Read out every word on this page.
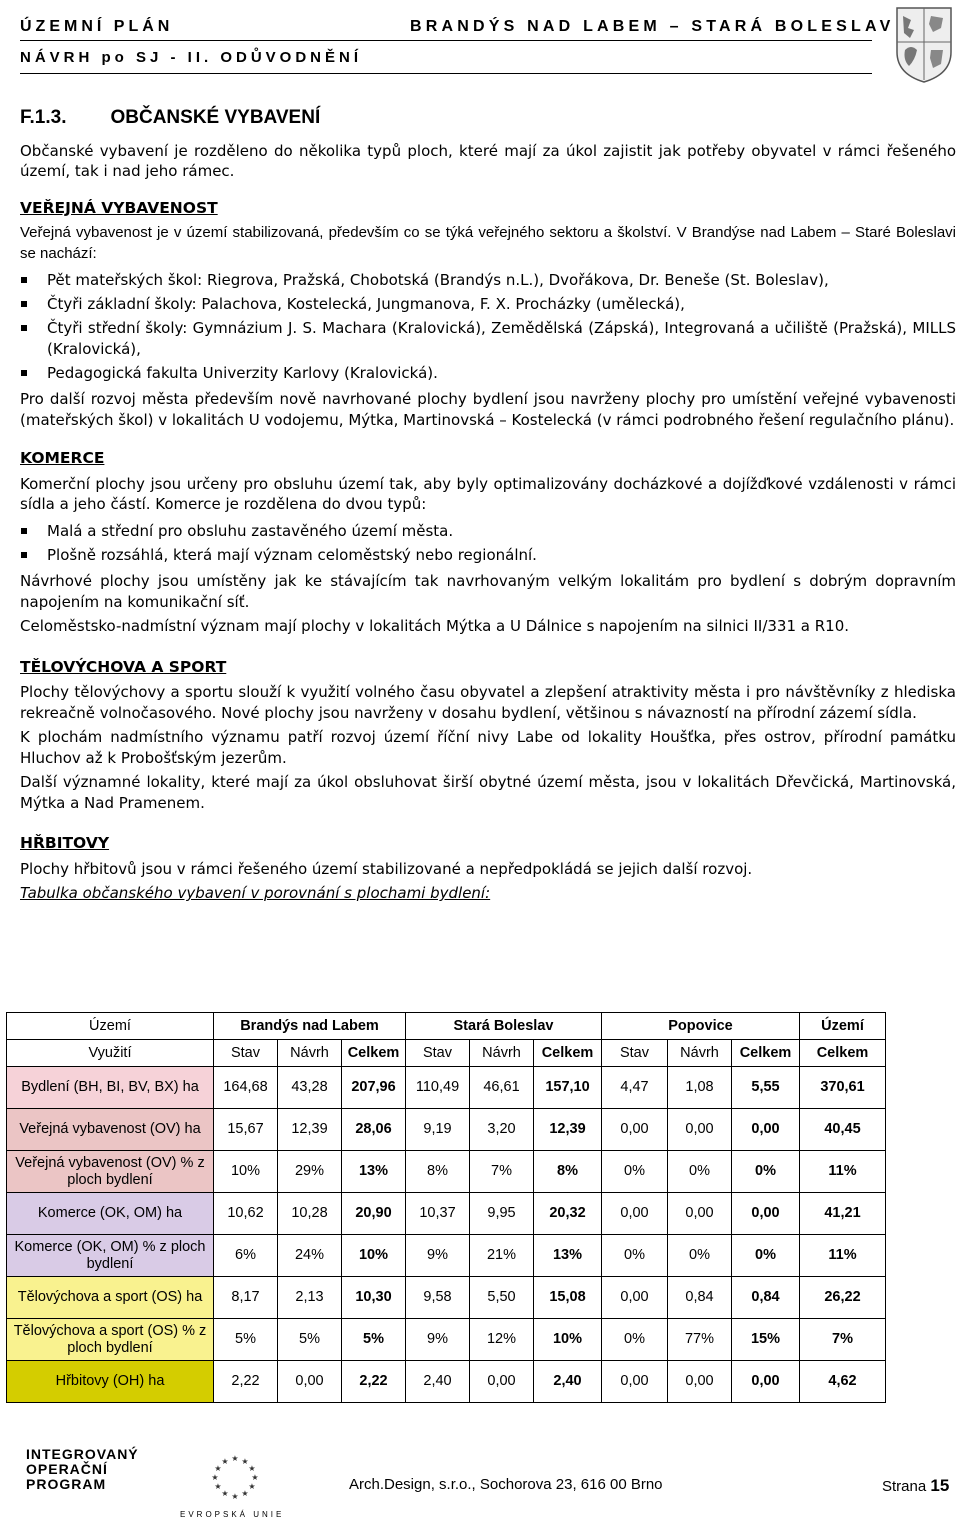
ÚZEMNÍ PLÁN	BRANDÝS NAD LABEM – STARÁ BOLESLAV
NÁVRH po SJ - II. ODŮVODNĚNÍ
F.1.3. OBČANSKÉ VYBAVENÍ

Občanské vybavení je rozděleno do několika typů ploch, které mají za úkol zajistit jak potřeby obyvatel v rámci řešeného území, tak i nad jeho rámec.

VEŘEJNÁ VYBAVENOST

Veřejná vybavenost je v území stabilizovaná, především co se týká veřejného sektoru a školství. V Brandýse nad Labem – Staré Boleslavi se nachází:

Pět mateřských škol: Riegrova, Pražská, Chobotská (Brandýs n.L.), Dvořákova, Dr. Beneše (St. Boleslav),
Čtyři základní školy: Palachova, Kostelecká, Jungmanova, F. X. Procházky (umělecká),
Čtyři střední školy: Gymnázium J. S. Machara (Kralovická), Zemědělská (Zápská), Integrovaná a učiliště (Pražská), MILLS (Kralovická),
Pedagogická fakulta Univerzity Karlovy (Kralovická).

Pro další rozvoj města především nově navrhované plochy bydlení jsou navrženy plochy pro umístění veřejné vybavenosti (mateřských škol) v lokalitách U vodojemu, Mýtka, Martinovská – Kostelecká (v rámci podrobného řešení regulačního plánu).

KOMERCE

Komerční plochy jsou určeny pro obsluhu území tak, aby byly optimalizovány docházkové a dojížďkové vzdálenosti v rámci sídla a jeho částí. Komerce je rozdělena do dvou typů:

Malá a střední pro obsluhu zastavěného území města.
Plošně rozsáhlá, která mají význam celoměstský nebo regionální.

Návrhové plochy jsou umístěny jak ke stávajícím tak navrhovaným velkým lokalitám pro bydlení s dobrým dopravním napojením na komunikační síť.

Celoměstsko-nadmístní význam mají plochy v lokalitách Mýtka a U Dálnice s napojením na silnici II/331 a R10.

TĚLOVÝCHOVA A SPORT

Plochy tělovýchovy a sportu slouží k využití volného času obyvatel a zlepšení atraktivity města i pro návštěvníky z hlediska rekreačně volnočasového. Nové plochy jsou navrženy v dosahu bydlení, většinou s návazností na přírodní zázemí sídla.

K plochám nadmístního významu patří rozvoj území říční nivy Labe od lokality Houšťka, přes ostrov, přírodní památku Hluchov až k Probošťským jezerům.

Další významné lokality, které mají za úkol obsluhovat širší obytné území města, jsou v lokalitách Dřevčická, Martinovská, Mýtka a Nad Pramenem.

HŘBITOVY

Plochy hřbitovů jsou v rámci řešeného území stabilizované a nepředpokládá se jejich další rozvoj.

Tabulka občanského vybavení v porovnání s plochami bydlení:
Území	Brandýs nad Labem			Stará Boleslav			Popovice			Území
Využití	Stav	Návrh	Celkem	Stav	Návrh	Celkem	Stav	Návrh	Celkem	Celkem
Bydlení (BH, BI, BV, BX) ha	164,68	43,28	207,96	110,49	46,61	157,10	4,47	1,08	5,55	370,61
Veřejná vybavenost (OV) ha	15,67	12,39	28,06	9,19	3,20	12,39	0,00	0,00	0,00	40,45
Veřejná vybavenost (OV) % z ploch bydlení	10%	29%	13%	8%	7%	8%	0%	0%	0%	11%
Komerce (OK, OM) ha	10,62	10,28	20,90	10,37	9,95	20,32	0,00	0,00	0,00	41,21
Komerce (OK, OM) % z ploch bydlení	6%	24%	10%	9%	21%	13%	0%	0%	0%	11%
Tělovýchova a sport (OS) ha	8,17	2,13	10,30	9,58	5,50	15,08	0,00	0,84	0,84	26,22
Tělovýchova a sport (OS) % z ploch bydlení	5%	5%	5%	9%	12%	10%	0%	77%	15%	7%
Hřbitovy (OH) ha	2,22	0,00	2,22	2,40	0,00	2,40	0,00	0,00	0,00	4,62
INTEGROVANÝ
OPERAČNÍ
PROGRAM
★ ★
★
★
★
★
★
★
★
★
★
★
EVROPSKÁ UNIE
Arch.Design, s.r.o., Sochorova 23, 616 00 Brno	Strana 15
